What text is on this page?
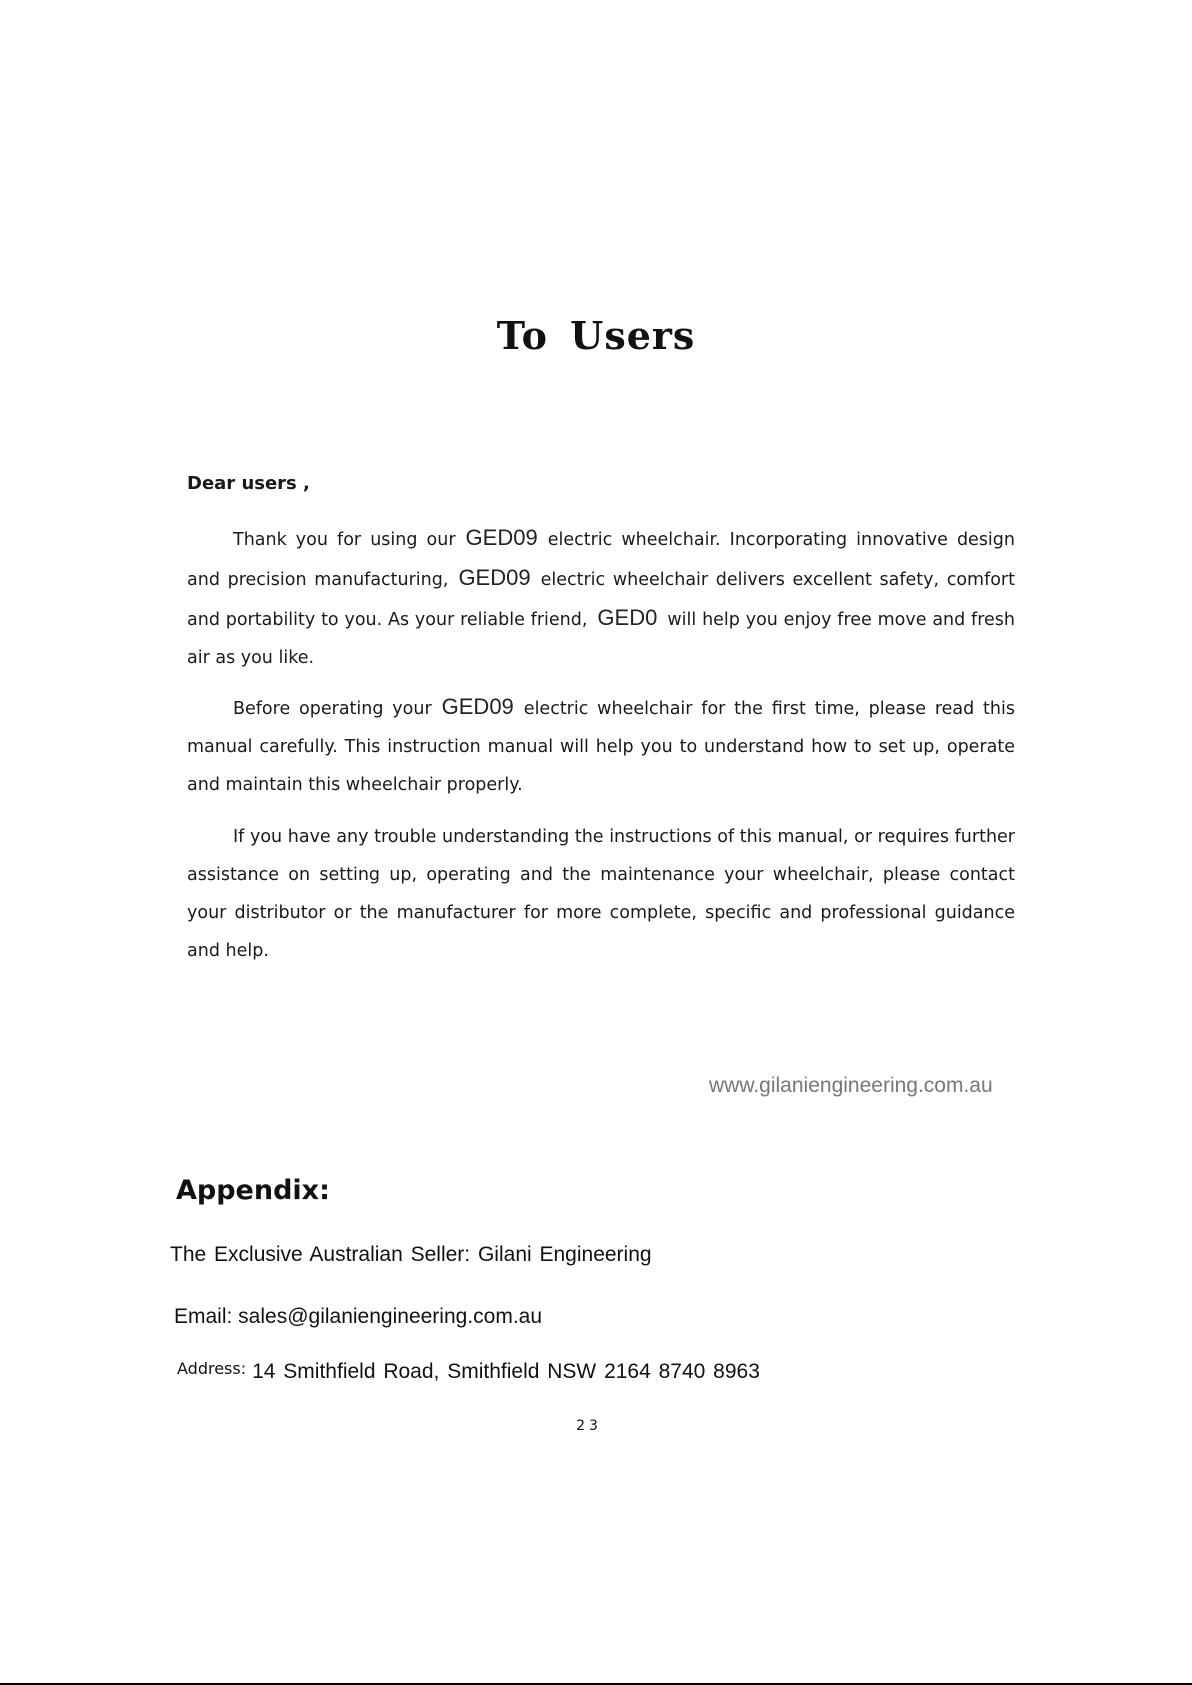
To Users
Dear users ,

Thank you for using our GED09 electric wheelchair. Incorporating innovative design and precision manufacturing, GED09 electric wheelchair delivers excellent safety, comfort and portability to you. As your reliable friend, GED0 will help you enjoy free move and fresh air as you like.

Before operating your GED09 electric wheelchair for the first time, please read this manual carefully. This instruction manual will help you to understand how to set up, operate and maintain this wheelchair properly.

If you have any trouble understanding the instructions of this manual, or requires further assistance on setting up, operating and the maintenance your wheelchair, please contact your distributor or the manufacturer for more complete, specific and professional guidance and help.

www.gilaniengineering.com.au
Appendix:
The Exclusive Australian Seller: Gilani Engineering
Email: sales@gilaniengineering.com.au
Address: 14 Smithfield Road, Smithfield NSW 2164 8740 8963
23
